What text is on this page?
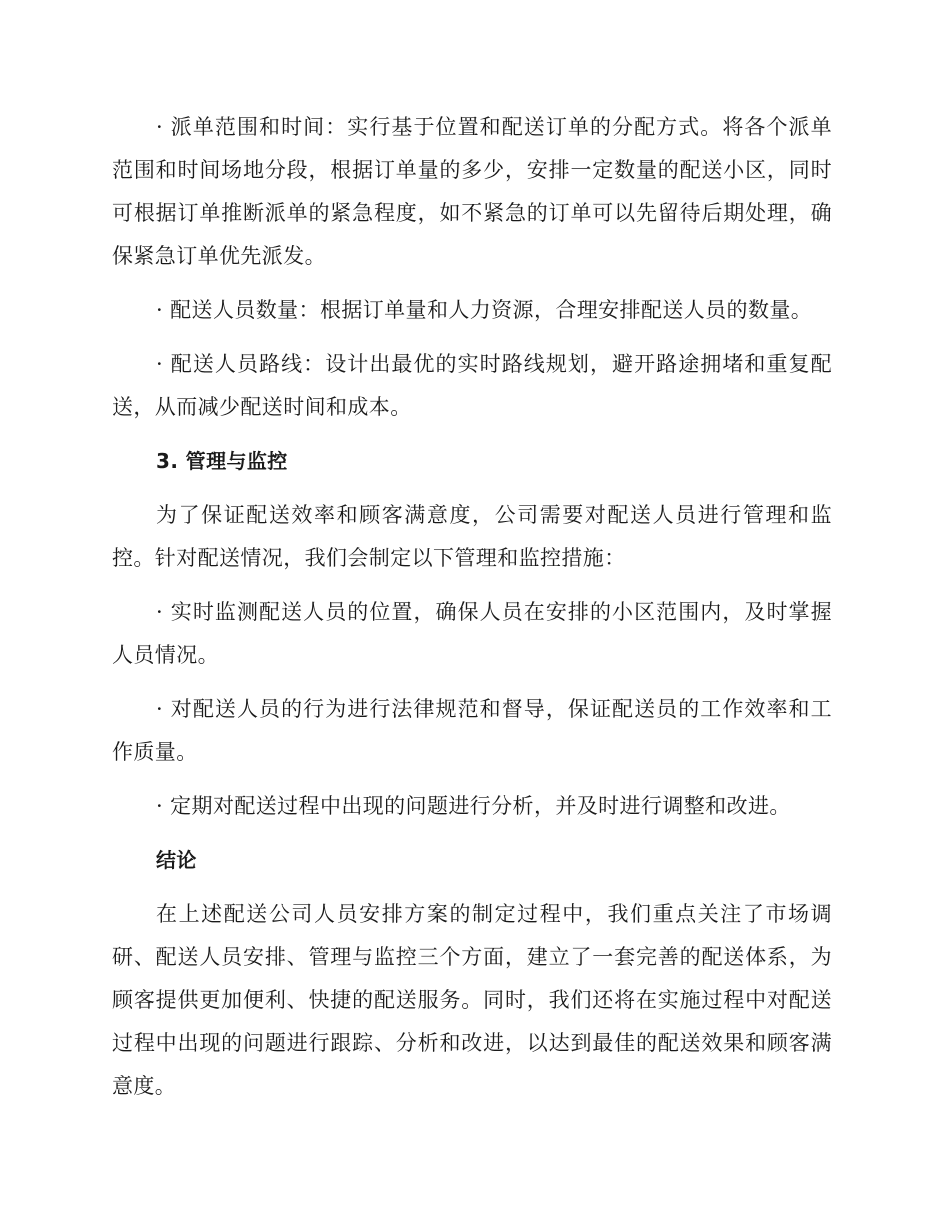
· 派单范围和时间：实行基于位置和配送订单的分配方式。将各个派单范围和时间场地分段，根据订单量的多少，安排一定数量的配送小区，同时可根据订单推断派单的紧急程度，如不紧急的订单可以先留待后期处理，确保紧急订单优先派发。

· 配送人员数量：根据订单量和人力资源，合理安排配送人员的数量。

· 配送人员路线：设计出最优的实时路线规划，避开路途拥堵和重复配送，从而减少配送时间和成本。

3. 管理与监控

为了保证配送效率和顾客满意度，公司需要对配送人员进行管理和监控。针对配送情况，我们会制定以下管理和监控措施：

· 实时监测配送人员的位置，确保人员在安排的小区范围内，及时掌握人员情况。

· 对配送人员的行为进行法律规范和督导，保证配送员的工作效率和工作质量。

· 定期对配送过程中出现的问题进行分析，并及时进行调整和改进。

结论

在上述配送公司人员安排方案的制定过程中，我们重点关注了市场调研、配送人员安排、管理与监控三个方面，建立了一套完善的配送体系，为顾客提供更加便利、快捷的配送服务。同时，我们还将在实施过程中对配送过程中出现的问题进行跟踪、分析和改进，以达到最佳的配送效果和顾客满意度。
